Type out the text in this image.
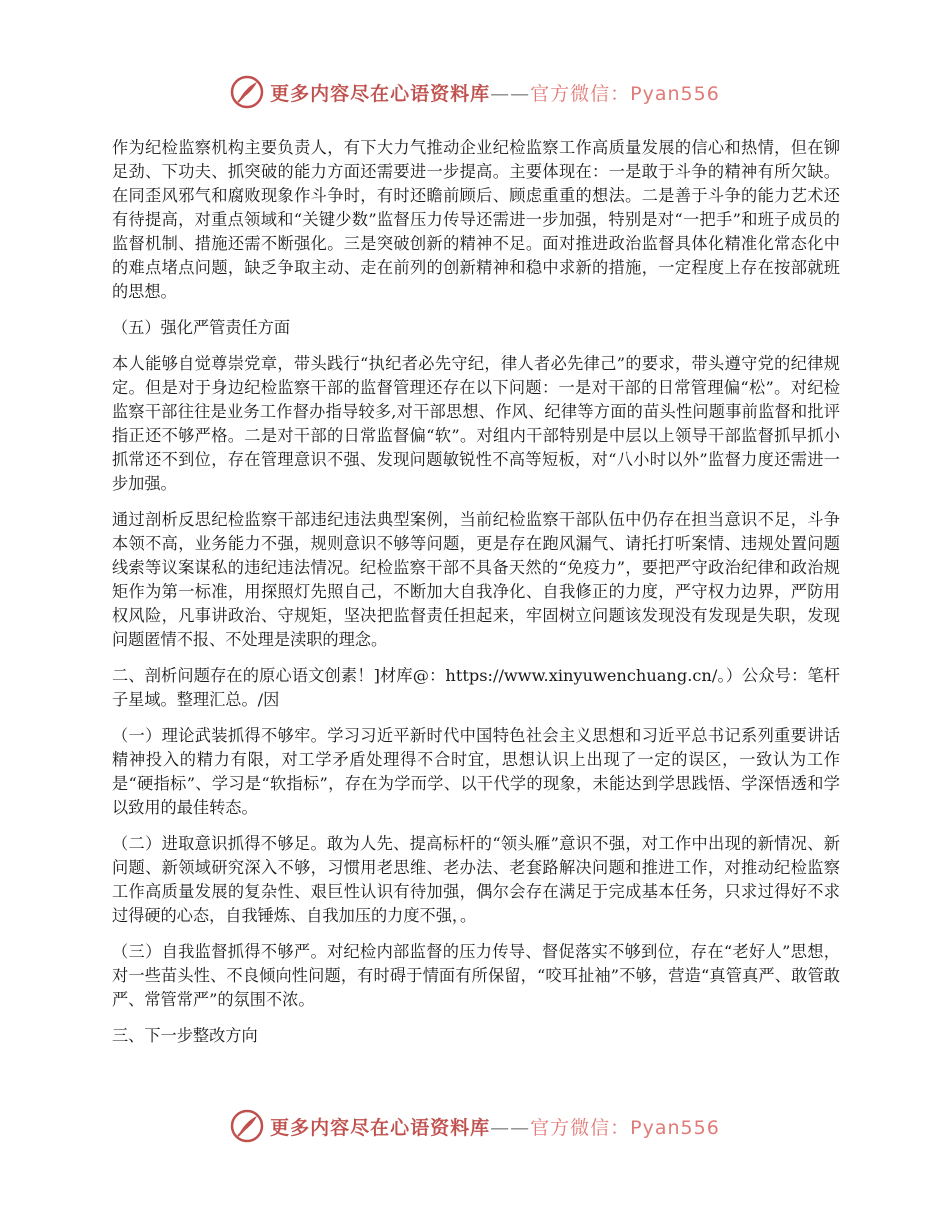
更多内容尽在心语资料库——官方微信：Pyan556

作为纪检监察机构主要负责人，有下大力气推动企业纪检监察工作高质量发展的信心和热情，但在铆足劲、下功夫、抓突破的能力方面还需要进一步提高。主要体现在：一是敢于斗争的精神有所欠缺。在同歪风邪气和腐败现象作斗争时，有时还瞻前顾后、顾虑重重的想法。二是善于斗争的能力艺术还有待提高，对重点领域和“关键少数”监督压力传导还需进一步加强，特别是对“一把手”和班子成员的监督机制、措施还需不断强化。三是突破创新的精神不足。面对推进政治监督具体化精准化常态化中的难点堵点问题，缺乏争取主动、走在前列的创新精神和稳中求新的措施，一定程度上存在按部就班的思想。

（五）强化严管责任方面

本人能够自觉尊崇党章，带头践行“执纪者必先守纪，律人者必先律己”的要求，带头遵守党的纪律规定。但是对于身边纪检监察干部的监督管理还存在以下问题：一是对干部的日常管理偏“松”。对纪检监察干部往往是业务工作督办指导较多,对干部思想、作风、纪律等方面的苗头性问题事前监督和批评指正还不够严格。二是对干部的日常监督偏“软”。对组内干部特别是中层以上领导干部监督抓早抓小抓常还不到位，存在管理意识不强、发现问题敏锐性不高等短板，对“八小时以外”监督力度还需进一步加强。

通过剖析反思纪检监察干部违纪违法典型案例，当前纪检监察干部队伍中仍存在担当意识不足，斗争本领不高，业务能力不强，规则意识不够等问题，更是存在跑风漏气、请托打听案情、违规处置问题线索等议案谋私的违纪违法情况。纪检监察干部不具备天然的“免疫力”，要把严守政治纪律和政治规矩作为第一标准，用探照灯先照自己，不断加大自我净化、自我修正的力度，严守权力边界，严防用权风险，凡事讲政治、守规矩，坚决把监督责任担起来，牢固树立问题该发现没有发现是失职，发现问题匿情不报、不处理是渎职的理念。

二、剖析问题存在的原心语文创素！]材库@：https://www.xinyuwenchuang.cn/。）公众号：笔杆子星域。整理汇总。/因

（一）理论武装抓得不够牢。学习习近平新时代中国特色社会主义思想和习近平总书记系列重要讲话精神投入的精力有限，对工学矛盾处理得不合时宜，思想认识上出现了一定的误区，一致认为工作是“硬指标”、学习是“软指标”，存在为学而学、以干代学的现象，未能达到学思践悟、学深悟透和学以致用的最佳转态。

（二）进取意识抓得不够足。敢为人先、提高标杆的“领头雁”意识不强，对工作中出现的新情况、新问题、新领域研究深入不够，习惯用老思维、老办法、老套路解决问题和推进工作，对推动纪检监察工作高质量发展的复杂性、艰巨性认识有待加强，偶尔会存在满足于完成基本任务，只求过得好不求过得硬的心态，自我锤炼、自我加压的力度不强，。

（三）自我监督抓得不够严。对纪检内部监督的压力传导、督促落实不够到位，存在“老好人”思想，对一些苗头性、不良倾向性问题，有时碍于情面有所保留，“咬耳扯袖”不够，营造“真管真严、敢管敢严、常管常严”的氛围不浓。

三、下一步整改方向

更多内容尽在心语资料库——官方微信：Pyan556
